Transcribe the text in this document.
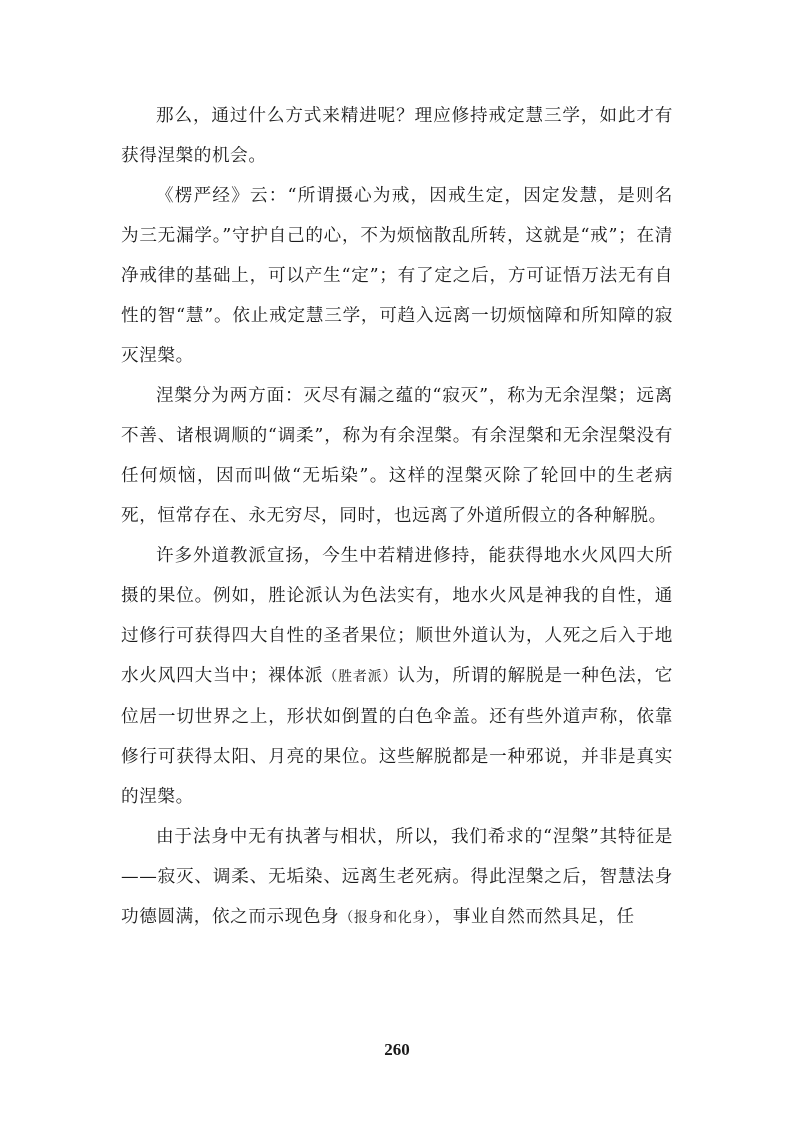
那么，通过什么方式来精进呢？理应修持戒定慧三学，如此才有获得涅槃的机会。

《楞严经》云：“所谓摄心为戒，因戒生定，因定发慧，是则名为三无漏学。”守护自己的心，不为烦恼散乱所转，这就是“戒”；在清净戒律的基础上，可以产生“定”；有了定之后，方可证悟万法无有自性的智“慧”。依止戒定慧三学，可趋入远离一切烦恼障和所知障的寂灭涅槃。

涅槃分为两方面：灭尽有漏之蕴的“寂灭”，称为无余涅槃；远离不善、诸根调顺的“调柔”，称为有余涅槃。有余涅槃和无余涅槃没有任何烦恼，因而叫做“无垢染”。这样的涅槃灭除了轮回中的生老病死，恒常存在、永无穷尽，同时，也远离了外道所假立的各种解脱。

许多外道教派宣扬，今生中若精进修持，能获得地水火风四大所摄的果位。例如，胜论派认为色法实有，地水火风是神我的自性，通过修行可获得四大自性的圣者果位；顺世外道认为，人死之后入于地水火风四大当中；裸体派（胜者派）认为，所谓的解脱是一种色法，它位居一切世界之上，形状如倒置的白色伞盖。还有些外道声称，依靠修行可获得太阳、月亮的果位。这些解脱都是一种邪说，并非是真实的涅槃。

由于法身中无有执著与相状，所以，我们希求的“涅槃”其特征是——寂灭、调柔、无垢染、远离生老死病。得此涅槃之后，智慧法身功德圆满，依之而示现色身（报身和化身），事业自然而然具足，任

260
